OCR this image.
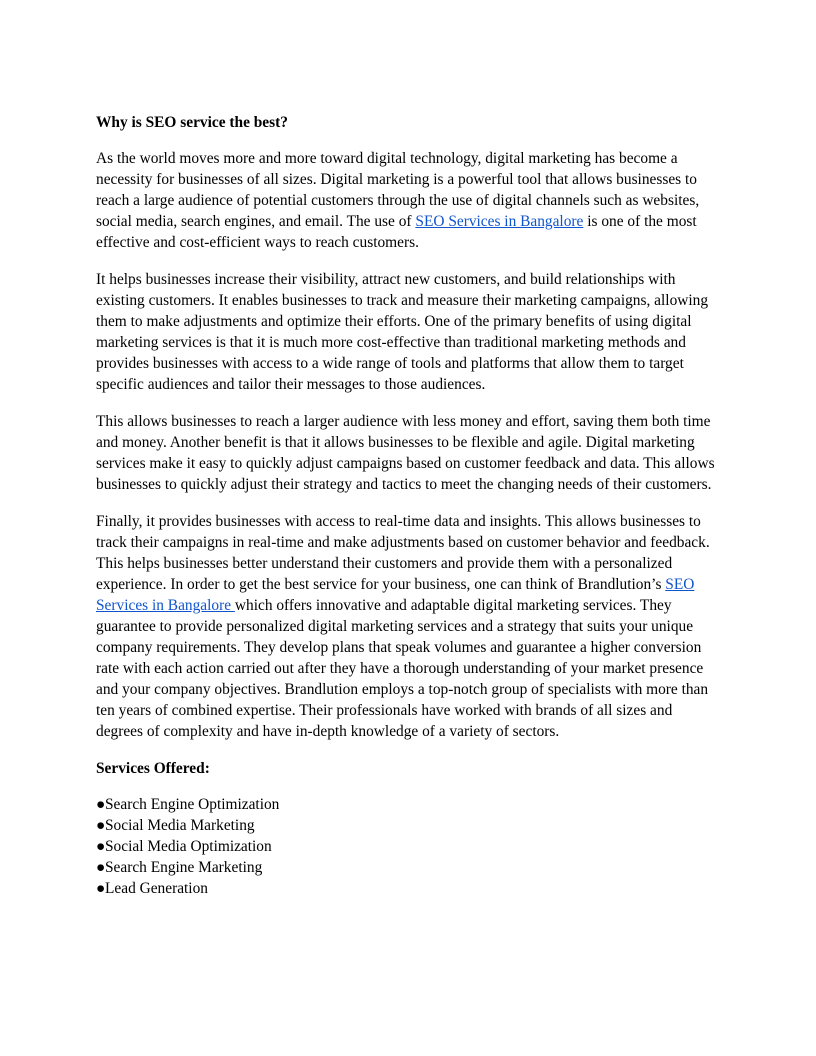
Why is SEO service the best?

As the world moves more and more toward digital technology, digital marketing has become a necessity for businesses of all sizes. Digital marketing is a powerful tool that allows businesses to reach a large audience of potential customers through the use of digital channels such as websites, social media, search engines, and email. The use of SEO Services in Bangalore is one of the most effective and cost-efficient ways to reach customers.

It helps businesses increase their visibility, attract new customers, and build relationships with existing customers. It enables businesses to track and measure their marketing campaigns, allowing them to make adjustments and optimize their efforts. One of the primary benefits of using digital marketing services is that it is much more cost-effective than traditional marketing methods and provides businesses with access to a wide range of tools and platforms that allow them to target specific audiences and tailor their messages to those audiences.

This allows businesses to reach a larger audience with less money and effort, saving them both time and money. Another benefit is that it allows businesses to be flexible and agile. Digital marketing services make it easy to quickly adjust campaigns based on customer feedback and data. This allows businesses to quickly adjust their strategy and tactics to meet the changing needs of their customers.

Finally, it provides businesses with access to real-time data and insights. This allows businesses to track their campaigns in real-time and make adjustments based on customer behavior and feedback. This helps businesses better understand their customers and provide them with a personalized experience. In order to get the best service for your business, one can think of Brandlution’s SEO Services in Bangalore which offers innovative and adaptable digital marketing services. They guarantee to provide personalized digital marketing services and a strategy that suits your unique company requirements. They develop plans that speak volumes and guarantee a higher conversion rate with each action carried out after they have a thorough understanding of your market presence and your company objectives. Brandlution employs a top-notch group of specialists with more than ten years of combined expertise. Their professionals have worked with brands of all sizes and degrees of complexity and have in-depth knowledge of a variety of sectors.

Services Offered:
●Search Engine Optimization
●Social Media Marketing
●Social Media Optimization
●Search Engine Marketing
●Lead Generation
